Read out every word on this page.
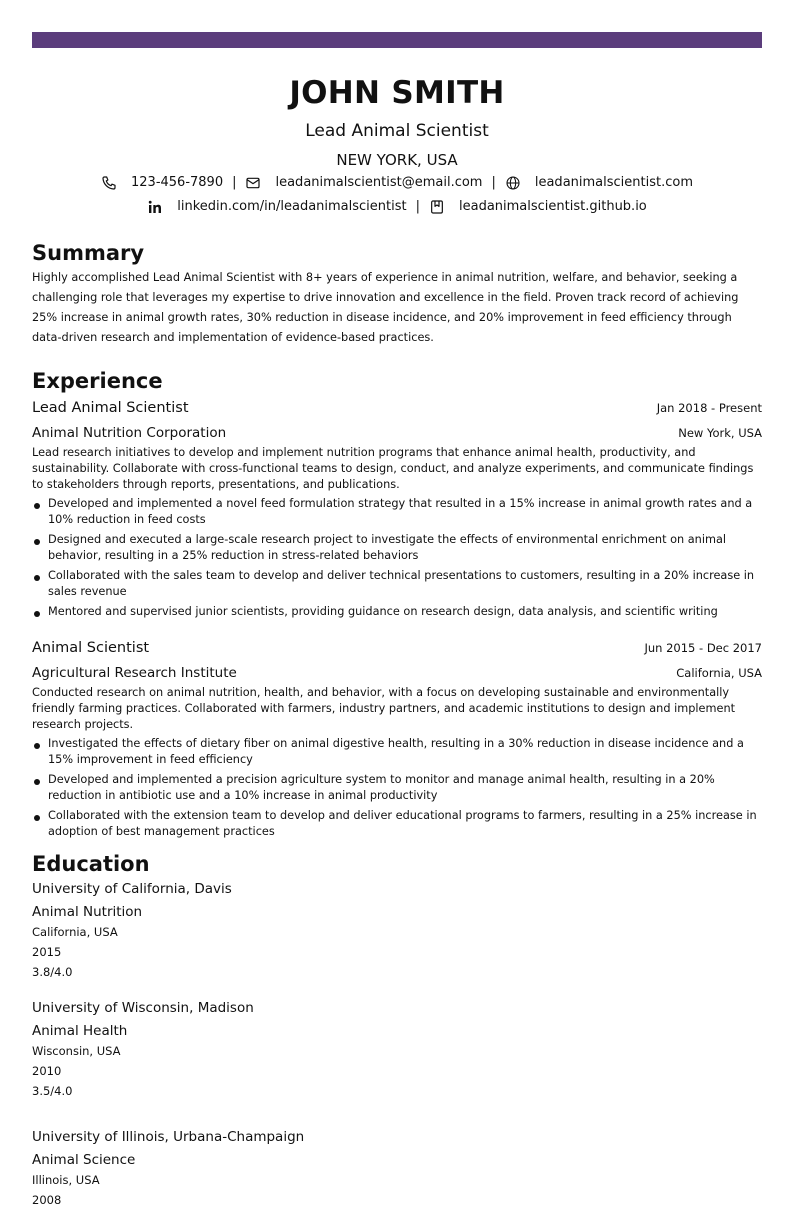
JOHN SMITH
Lead Animal Scientist
NEW YORK, USA
123-456-7890 |	leadanimalscientist@email.com |	leadanimalscientist.com
linkedin.com/in/leadanimalscientist |	leadanimalscientist.github.io
Summary
Highly accomplished Lead Animal Scientist with 8+ years of experience in animal nutrition, welfare, and behavior, seeking a challenging role that leverages my expertise to drive innovation and excellence in the field. Proven track record of achieving 25% increase in animal growth rates, 30% reduction in disease incidence, and 20% improvement in feed efficiency through data-driven research and implementation of evidence-based practices.
Experience
Lead Animal Scientist	Jan 2018 - Present
Animal Nutrition Corporation	New York, USA
Lead research initiatives to develop and implement nutrition programs that enhance animal health, productivity, and sustainability. Collaborate with cross-functional teams to design, conduct, and analyze experiments, and communicate findings to stakeholders through reports, presentations, and publications.
Developed and implemented a novel feed formulation strategy that resulted in a 15% increase in animal growth rates and a 10% reduction in feed costs
Designed and executed a large-scale research project to investigate the effects of environmental enrichment on animal behavior, resulting in a 25% reduction in stress-related behaviors
Collaborated with the sales team to develop and deliver technical presentations to customers, resulting in a 20% increase in sales revenue
Mentored and supervised junior scientists, providing guidance on research design, data analysis, and scientific writing
Animal Scientist	Jun 2015 - Dec 2017
Agricultural Research Institute	California, USA
Conducted research on animal nutrition, health, and behavior, with a focus on developing sustainable and environmentally friendly farming practices. Collaborated with farmers, industry partners, and academic institutions to design and implement research projects.
Investigated the effects of dietary fiber on animal digestive health, resulting in a 30% reduction in disease incidence and a 15% improvement in feed efficiency
Developed and implemented a precision agriculture system to monitor and manage animal health, resulting in a 20% reduction in antibiotic use and a 10% increase in animal productivity
Collaborated with the extension team to develop and deliver educational programs to farmers, resulting in a 25% increase in adoption of best management practices
Education
University of California, Davis
Animal Nutrition
California, USA
2015
3.8/4.0
University of Wisconsin, Madison
Animal Health
Wisconsin, USA
2010
3.5/4.0
University of Illinois, Urbana-Champaign
Animal Science
Illinois, USA
2008
